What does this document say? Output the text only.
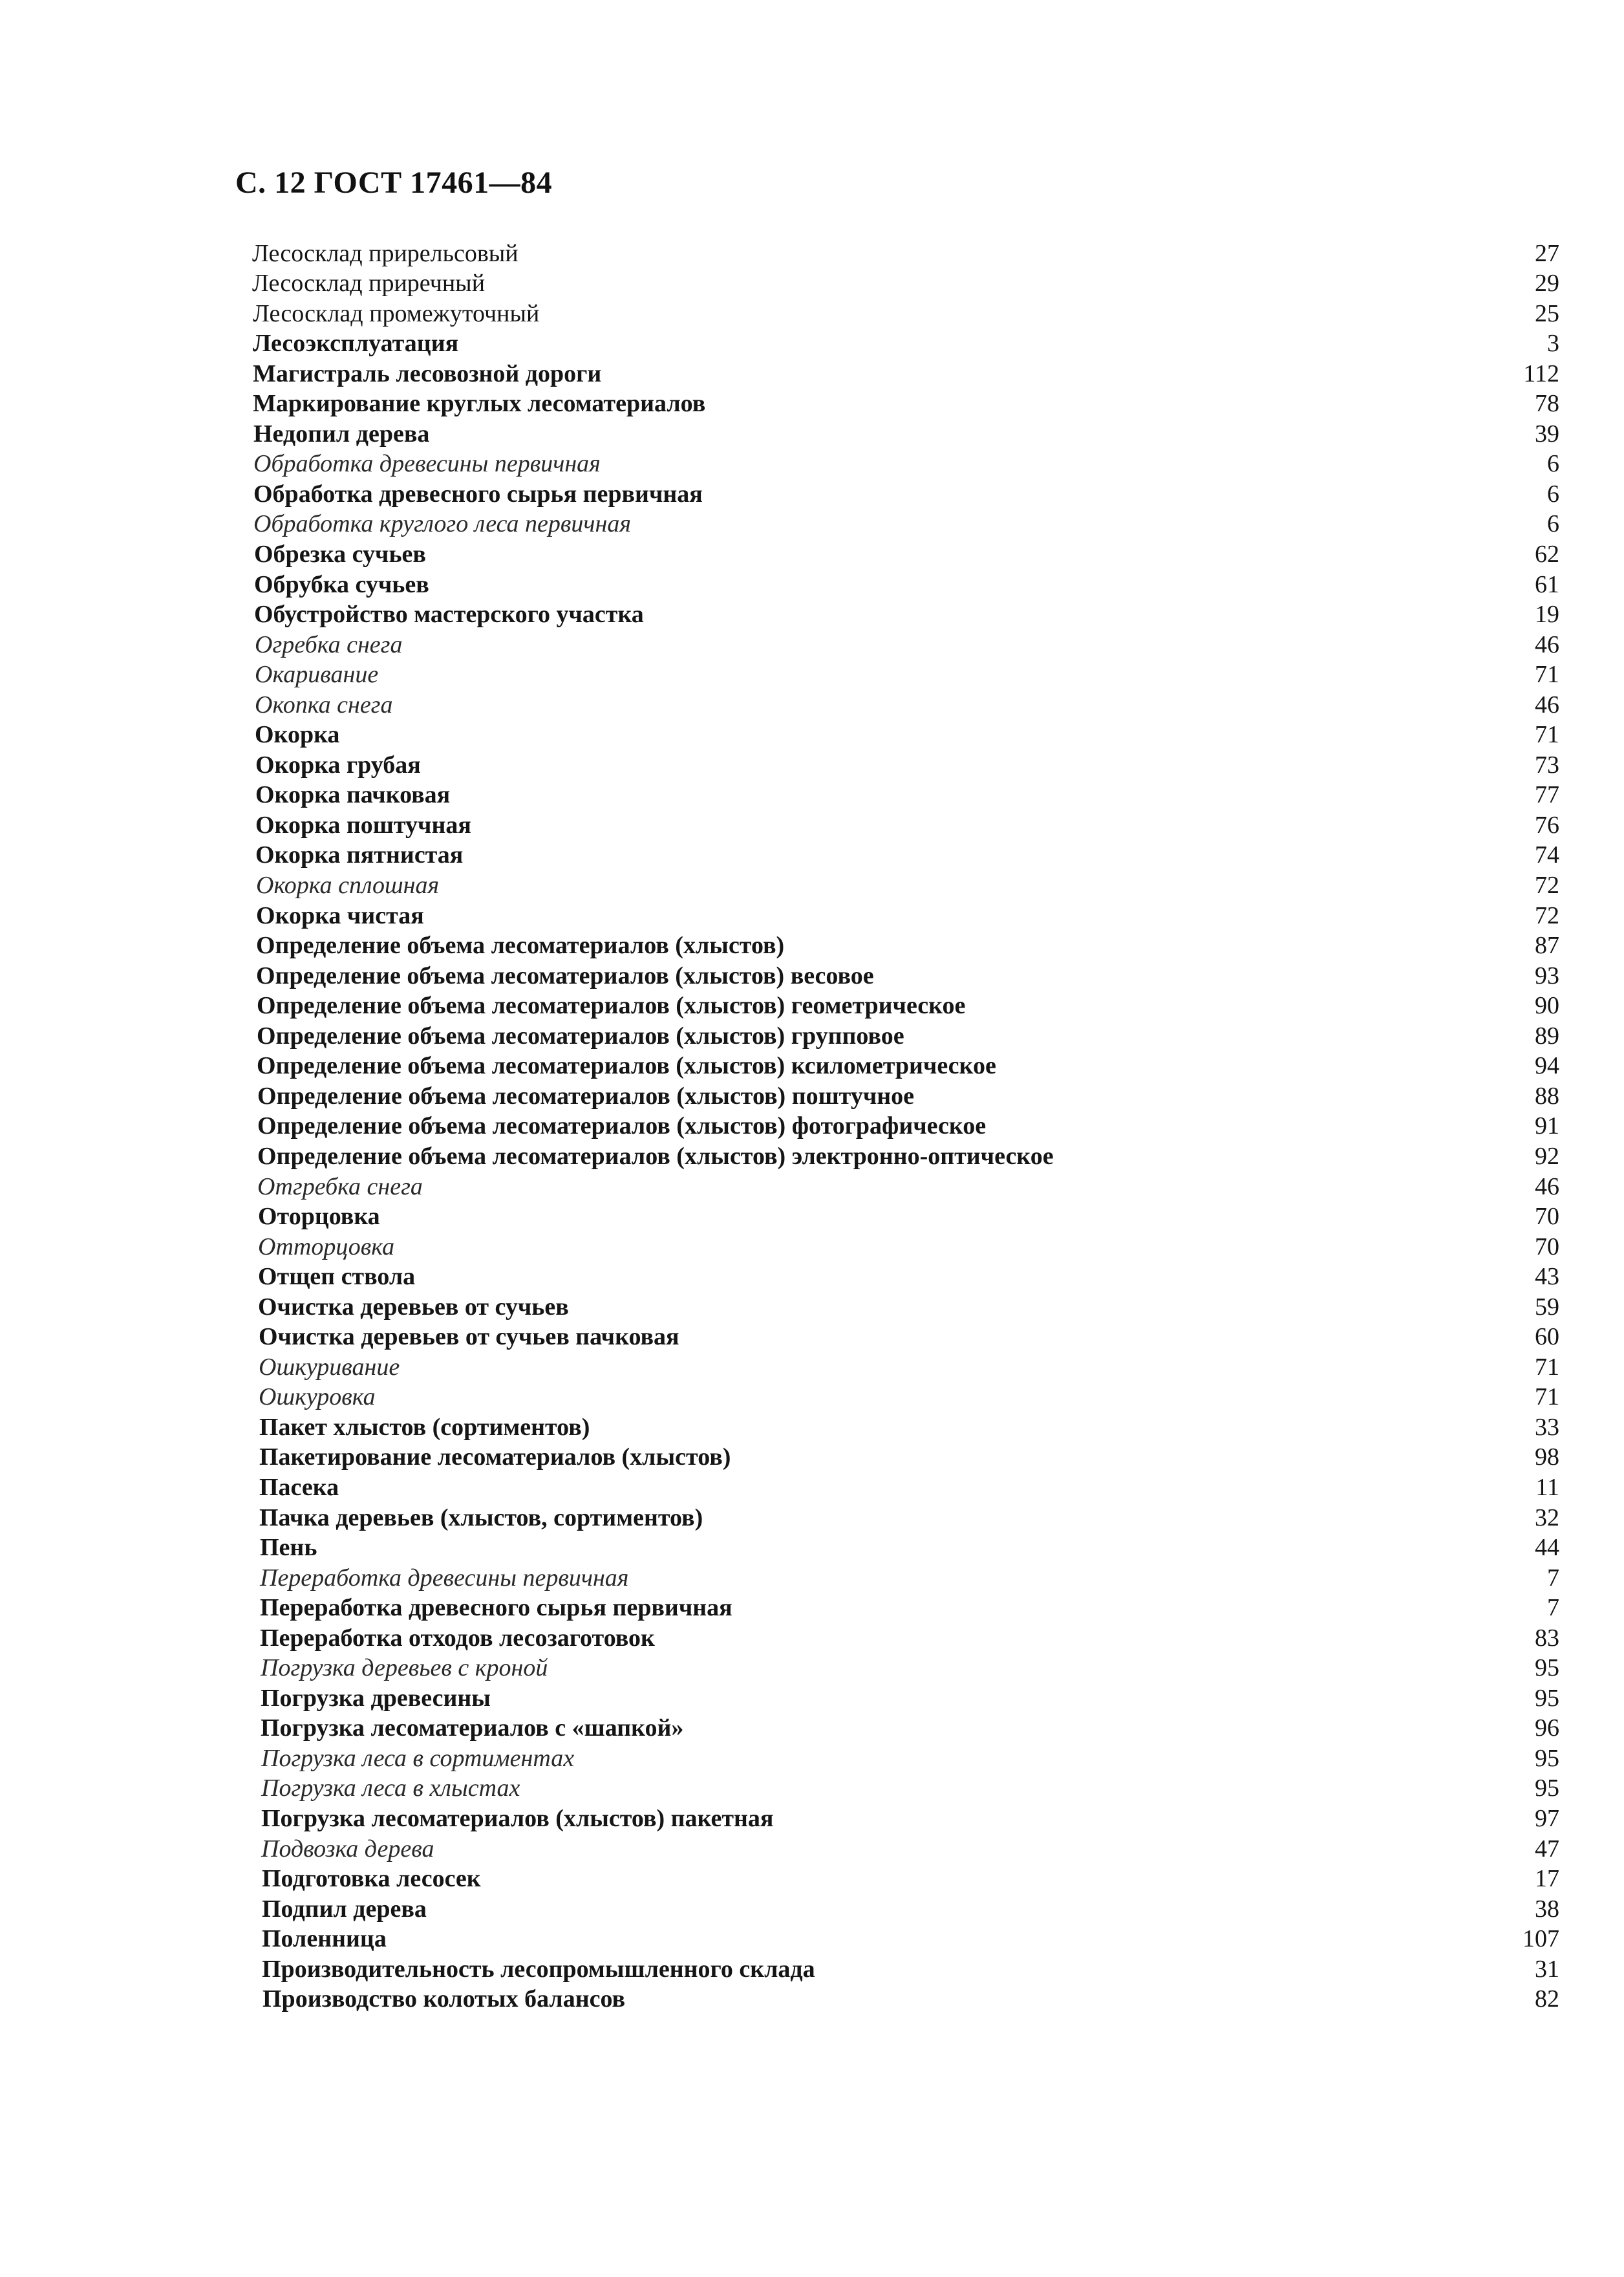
С. 12 ГОСТ 17461—84
Лесосклад прирельсовый	27
Лесосклад приречный	29
Лесосклад промежуточный	25
Лесоэксплуатация	3
Магистраль лесовозной дороги	112
Маркирование круглых лесоматериалов	78
Недопил дерева	39
Обработка древесины первичная	6
Обработка древесного сырья первичная	6
Обработка круглого леса первичная	6
Обрезка сучьев	62
Обрубка сучьев	61
Обустройство мастерского участка	19
Огребка снега	46
Окаривание	71
Окопка снега	46
Окорка	71
Окорка грубая	73
Окорка пачковая	77
Окорка поштучная	76
Окорка пятнистая	74
Окорка сплошная	72
Окорка чистая	72
Определение объема лесоматериалов (хлыстов)	87
Определение объема лесоматериалов (хлыстов) весовое	93
Определение объема лесоматериалов (хлыстов) геометрическое	90
Определение объема лесоматериалов (хлыстов) групповое	89
Определение объема лесоматериалов (хлыстов) ксилометрическое	94
Определение объема лесоматериалов (хлыстов) поштучное	88
Определение объема лесоматериалов (хлыстов) фотографическое	91
Определение объема лесоматериалов (хлыстов) электронно-оптическое	92
Отгребка снега	46
Оторцовка	70
Отторцовка	70
Отщеп ствола	43
Очистка деревьев от сучьев	59
Очистка деревьев от сучьев пачковая	60
Ошкуривание	71
Ошкуровка	71
Пакет хлыстов (сортиментов)	33
Пакетирование лесоматериалов (хлыстов)	98
Пасека	11
Пачка деревьев (хлыстов, сортиментов)	32
Пень	44
Переработка древесины первичная	7
Переработка древесного сырья первичная	7
Переработка отходов лесозаготовок	83
Погрузка деревьев с кроной	95
Погрузка древесины	95
Погрузка лесоматериалов с «шапкой»	96
Погрузка леса в сортиментах	95
Погрузка леса в хлыстах	95
Погрузка лесоматериалов (хлыстов) пакетная	97
Подвозка дерева	47
Подготовка лесосек	17
Подпил дерева	38
Поленница	107
Производительность лесопромышленного склада	31
Производство колотых балансов	82
